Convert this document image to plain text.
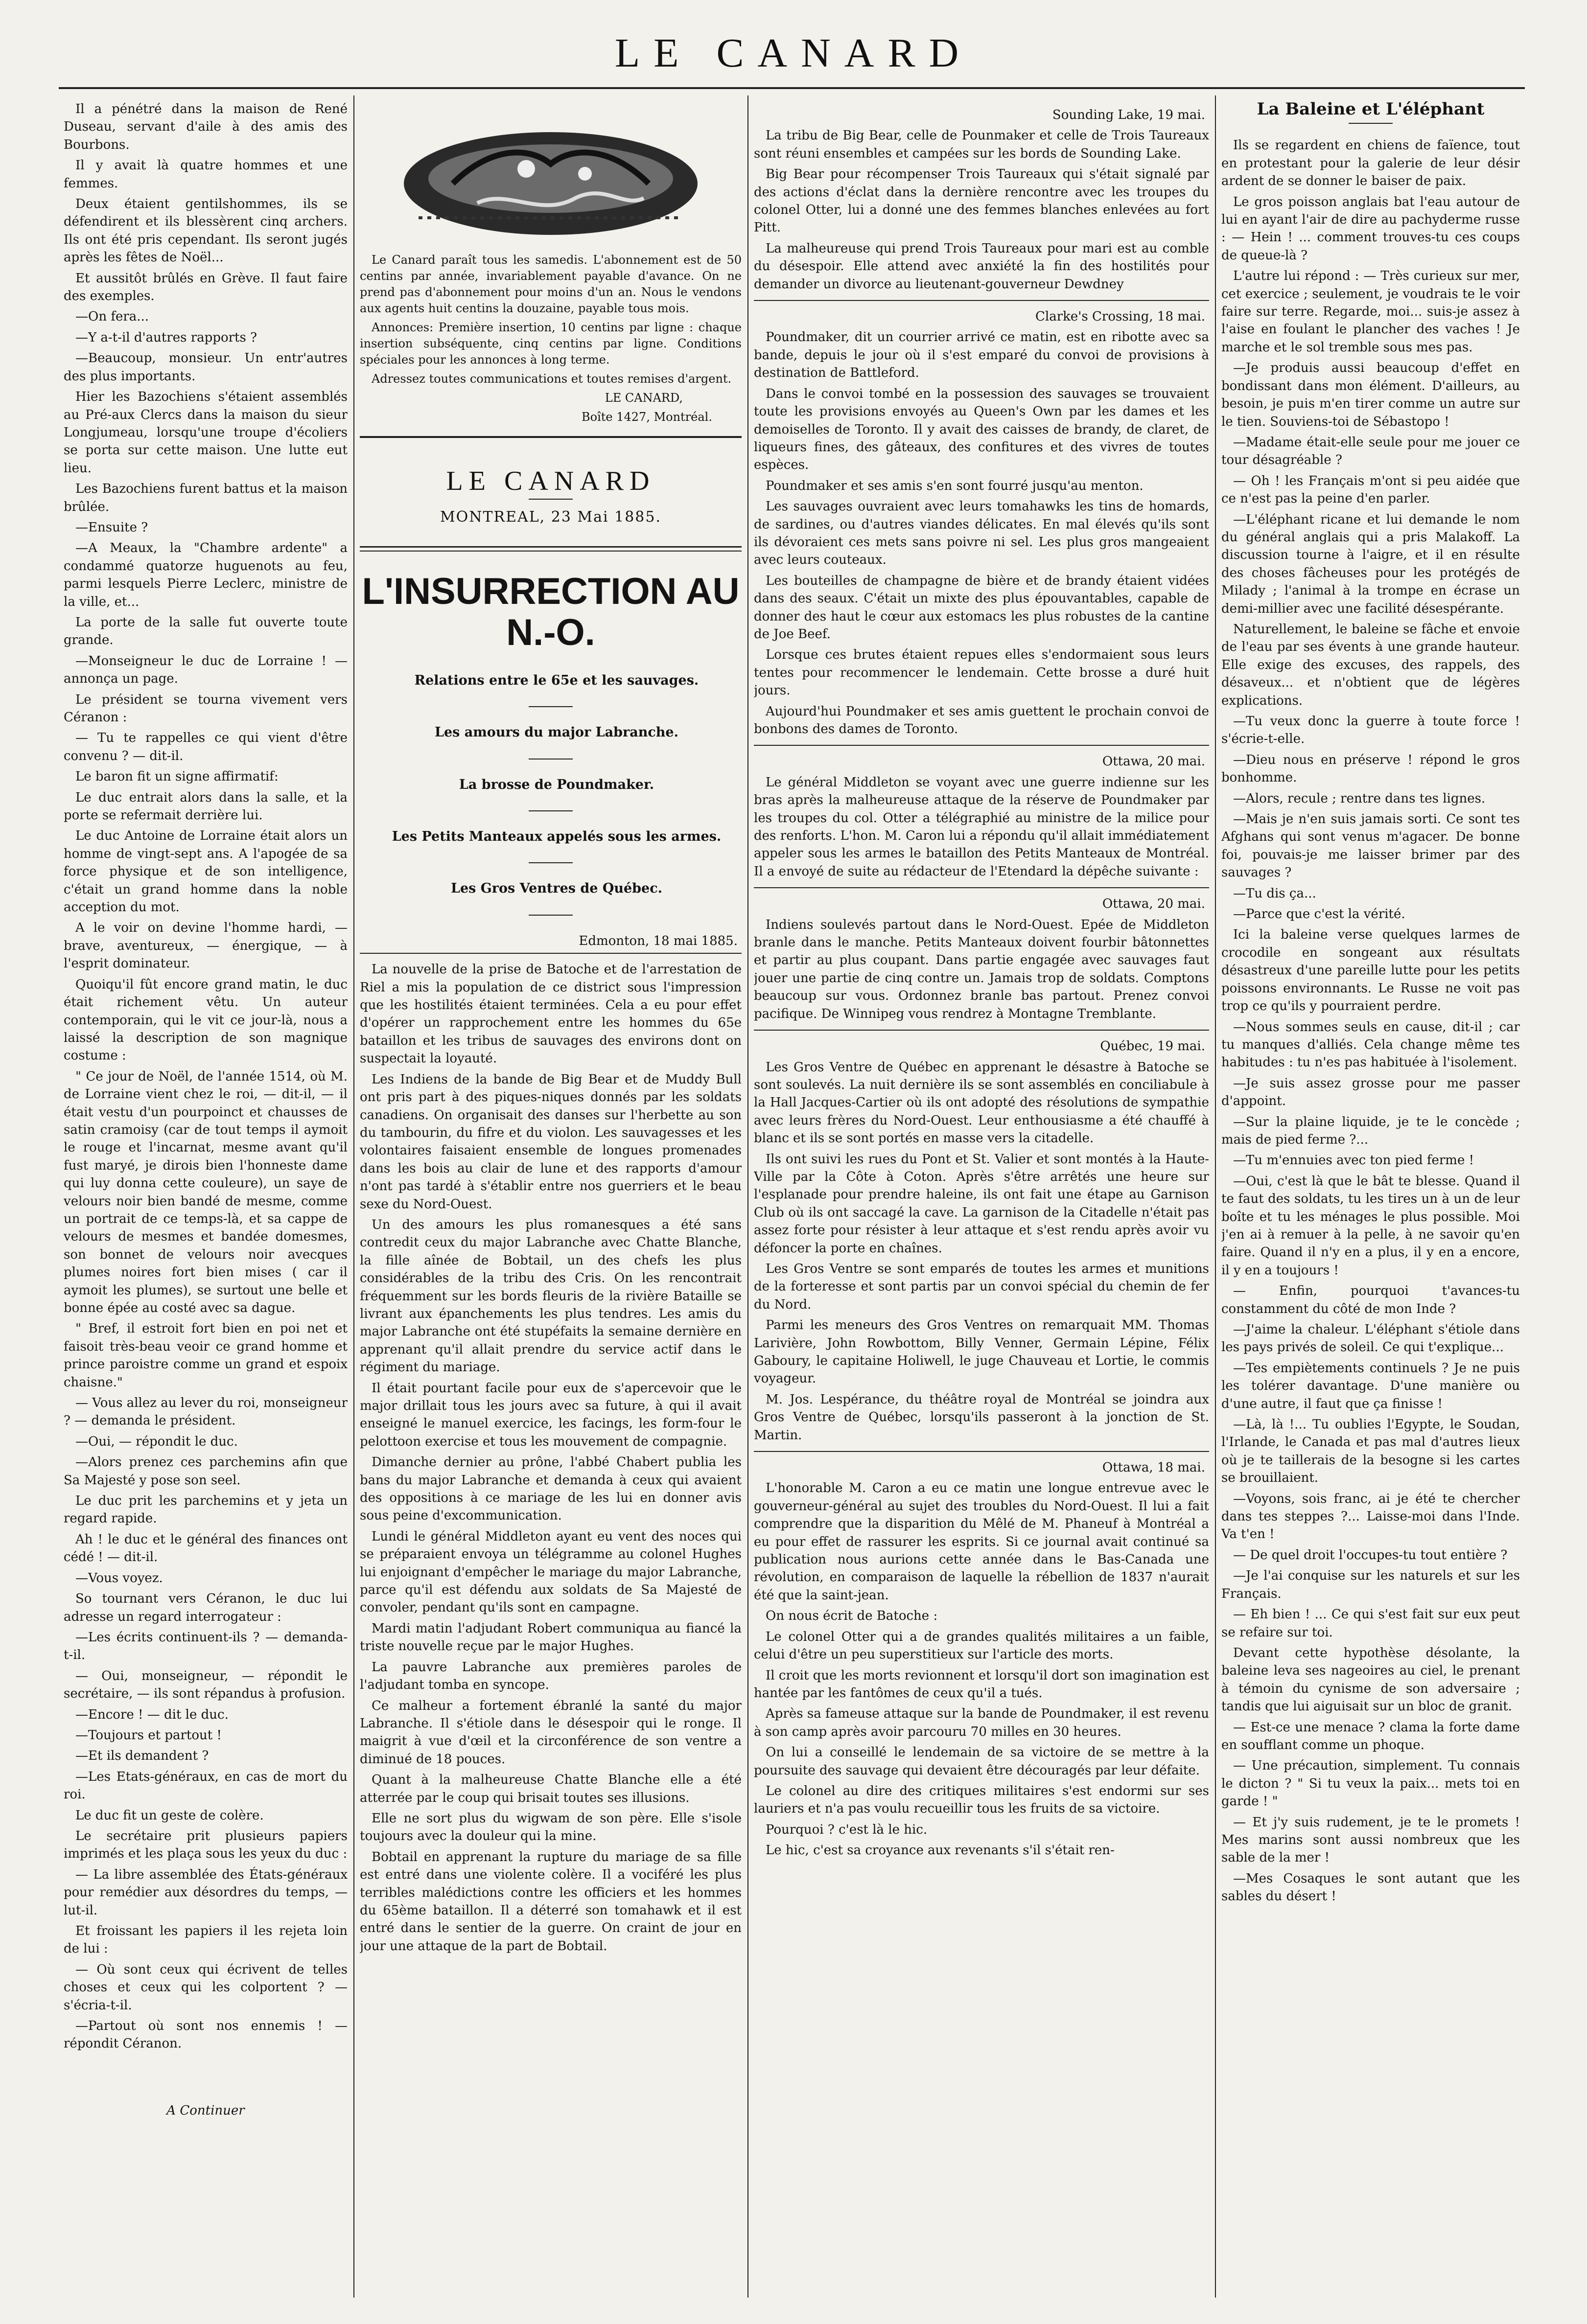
LE CANARD

Il a pénétré dans la maison de René Duseau, servant d'aile à des amis des Bourbons.

Il y avait là quatre hommes et une femmes.

Deux étaient gentilshommes, ils se défendirent et ils blessèrent cinq archers. Ils ont été pris cependant. Ils seront jugés après les fêtes de Noël...

Et aussitôt brûlés en Grève. Il faut faire des exemples.

—On fera...

—Y a-t-il d'autres rapports ?

—Beaucoup, monsieur. Un entr'autres des plus importants.

Hier les Bazochiens s'étaient assemblés au Pré-aux Clercs dans la maison du sieur Longjumeau, lorsqu'une troupe d'écoliers se porta sur cette maison. Une lutte eut lieu.

Les Bazochiens furent battus et la maison brûlée.

—Ensuite ?

—A Meaux, la "Chambre ardente" a condammé quatorze huguenots au feu, parmi lesquels Pierre Leclerc, ministre de la ville, et...

La porte de la salle fut ouverte toute grande.

—Monseigneur le duc de Lorraine ! — annonça un page.

Le président se tourna vivement vers Céranon :

— Tu te rappelles ce qui vient d'être convenu ? — dit-il.

Le baron fit un signe affirmatif:

Le duc entrait alors dans la salle, et la porte se refermait derrière lui.

Le duc Antoine de Lorraine était alors un homme de vingt-sept ans. A l'apogée de sa force physique et de son intelligence, c'était un grand homme dans la noble acception du mot.

A le voir on devine l'homme hardi, — brave, aventureux, — énergique, — à l'esprit dominateur.

Quoiqu'il fût encore grand matin, le duc était richement vêtu. Un auteur contemporain, qui le vit ce jour-là, nous a laissé la description de son magnique costume :

" Ce jour de Noël, de l'année 1514, où M. de Lorraine vient chez le roi, — dit-il, — il était vestu d'un pourpoinct et chausses de satin cramoisy (car de tout temps il aymoit le rouge et l'incarnat, mesme avant qu'il fust maryé, je dirois bien l'honneste dame qui luy donna cette couleure), un saye de velours noir bien bandé de mesme, comme un portrait de ce temps-là, et sa cappe de velours de mesmes et bandée domesmes, son bonnet de velours noir avecques plumes noires fort bien mises ( car il aymoit les plumes), se surtout une belle et bonne épée au costé avec sa dague.

" Bref, il estroit fort bien en poi net et faisoit très-beau veoir ce grand homme et prince paroistre comme un grand et espoix chaisne."

— Vous allez au lever du roi, monseigneur ? — demanda le président.

—Oui, — répondit le duc.

—Alors prenez ces parchemins afin que Sa Majesté y pose son seel.

Le duc prit les parchemins et y jeta un regard rapide.

Ah ! le duc et le général des finances ont cédé ! — dit-il.

—Vous voyez.

So tournant vers Céranon, le duc lui adresse un regard interrogateur :

—Les écrits continuent-ils ? — demanda-t-il.

— Oui, monseigneur, — répondit le secrétaire, — ils sont répandus à profusion.

—Encore ! — dit le duc.

—Toujours et partout !

—Et ils demandent ?

—Les Etats-généraux, en cas de mort du roi.

Le duc fit un geste de colère.

Le secrétaire prit plusieurs papiers imprimés et les plaça sous les yeux du duc :

— La libre assemblée des États-généraux pour remédier aux désordres du temps, — lut-il.

Et froissant les papiers il les rejeta loin de lui :

— Où sont ceux qui écrivent de telles choses et ceux qui les colportent ? — s'écria-t-il.

—Partout où sont nos ennemis ! — répondit Céranon.

A Continuer

Le Canard paraît tous les samedis. L'abonnement est de 50 centins par année, invariablement payable d'avance. On ne prend pas d'abonnement pour moins d'un an. Nous le vendons aux agents huit centins la douzaine, payable tous mois.

Annonces: Première insertion, 10 centins par ligne : chaque insertion subséquente, cinq centins par ligne. Conditions spéciales pour les annonces à long terme.

Adressez toutes communications et toutes remises d'argent.

LE CANARD,

Boîte 1427, Montréal.

LE CANARD
MONTREAL, 23 Mai 1885.
L'INSURRECTION AU N.-O.

Relations entre le 65e et les sauvages.

Les amours du major Labranche.

La brosse de Poundmaker.

Les Petits Manteaux appelés sous les armes.

Les Gros Ventres de Québec.

Edmonton, 18 mai 1885.

La nouvelle de la prise de Batoche et de l'arrestation de Riel a mis la population de ce district sous l'impression que les hostilités étaient terminées. Cela a eu pour effet d'opérer un rapprochement entre les hommes du 65e bataillon et les tribus de sauvages des environs dont on suspectait la loyauté.

Les Indiens de la bande de Big Bear et de Muddy Bull ont pris part à des piques-niques donnés par les soldats canadiens. On organisait des danses sur l'herbette au son du tambourin, du fifre et du violon. Les sauvagesses et les volontaires faisaient ensemble de longues promenades dans les bois au clair de lune et des rapports d'amour n'ont pas tardé à s'établir entre nos guerriers et le beau sexe du Nord-Ouest.

Un des amours les plus romanesques a été sans contredit ceux du major Labranche avec Chatte Blanche, la fille aînée de Bobtail, un des chefs les plus considérables de la tribu des Cris. On les rencontrait fréquemment sur les bords fleuris de la rivière Bataille se livrant aux épanchements les plus tendres. Les amis du major Labranche ont été stupéfaits la semaine dernière en apprenant qu'il allait prendre du service actif dans le régiment du mariage.

Il était pourtant facile pour eux de s'apercevoir que le major drillait tous les jours avec sa future, à qui il avait enseigné le manuel exercice, les facings, les form-four le pelottoon exercise et tous les mouvement de compagnie.

Dimanche dernier au prône, l'abbé Chabert publia les bans du major Labranche et demanda à ceux qui avaient des oppositions à ce mariage de les lui en donner avis sous peine d'excommunication.

Lundi le général Middleton ayant eu vent des noces qui se préparaient envoya un télégramme au colonel Hughes lui enjoignant d'empêcher le mariage du major Labranche, parce qu'il est défendu aux soldats de Sa Majesté de convoler, pendant qu'ils sont en campagne.

Mardi matin l'adjudant Robert communiqua au fiancé la triste nouvelle reçue par le major Hughes.

La pauvre Labranche aux premières paroles de l'adjudant tomba en syncope.

Ce malheur a fortement ébranlé la santé du major Labranche. Il s'étiole dans le désespoir qui le ronge. Il maigrit à vue d'œil et la circonférence de son ventre a diminué de 18 pouces.

Quant à la malheureuse Chatte Blanche elle a été atterrée par le coup qui brisait toutes ses illusions.

Elle ne sort plus du wigwam de son père. Elle s'isole toujours avec la douleur qui la mine.

Bobtail en apprenant la rupture du mariage de sa fille est entré dans une violente colère. Il a vociféré les plus terribles malédictions contre les officiers et les hommes du 65ème bataillon. Il a déterré son tomahawk et il est entré dans le sentier de la guerre. On craint de jour en jour une attaque de la part de Bobtail.

Sounding Lake, 19 mai.

La tribu de Big Bear, celle de Pounmaker et celle de Trois Taureaux sont réuni ensembles et campées sur les bords de Sounding Lake.

Big Bear pour récompenser Trois Taureaux qui s'était signalé par des actions d'éclat dans la dernière rencontre avec les troupes du colonel Otter, lui a donné une des femmes blanches enlevées au fort Pitt.

La malheureuse qui prend Trois Taureaux pour mari est au comble du désespoir. Elle attend avec anxiété la fin des hostilités pour demander un divorce au lieutenant-gouverneur Dewdney

Clarke's Crossing, 18 mai.

Poundmaker, dit un courrier arrivé ce matin, est en ribotte avec sa bande, depuis le jour où il s'est emparé du convoi de provisions à destination de Battleford.

Dans le convoi tombé en la possession des sauvages se trouvaient toute les provisions envoyés au Queen's Own par les dames et les demoiselles de Toronto. Il y avait des caisses de brandy, de claret, de liqueurs fines, des gâteaux, des confitures et des vivres de toutes espèces.

Poundmaker et ses amis s'en sont fourré jusqu'au menton.

Les sauvages ouvraient avec leurs tomahawks les tins de homards, de sardines, ou d'autres viandes délicates. En mal élevés qu'ils sont ils dévoraient ces mets sans poivre ni sel. Les plus gros mangeaient avec leurs couteaux.

Les bouteilles de champagne de bière et de brandy étaient vidées dans des seaux. C'était un mixte des plus épouvantables, capable de donner des haut le cœur aux estomacs les plus robustes de la cantine de Joe Beef.

Lorsque ces brutes étaient repues elles s'endormaient sous leurs tentes pour recommencer le lendemain. Cette brosse a duré huit jours.

Aujourd'hui Poundmaker et ses amis guettent le prochain convoi de bonbons des dames de Toronto.

Ottawa, 20 mai.

Le général Middleton se voyant avec une guerre indienne sur les bras après la malheureuse attaque de la réserve de Poundmaker par les troupes du col. Otter a télégraphié au ministre de la milice pour des renforts. L'hon. M. Caron lui a répondu qu'il allait immédiatement appeler sous les armes le bataillon des Petits Manteaux de Montréal. Il a envoyé de suite au rédacteur de l'Etendard la dépêche suivante :

Ottawa, 20 mai.

Indiens soulevés partout dans le Nord-Ouest. Epée de Middleton branle dans le manche. Petits Manteaux doivent fourbir bâtonnettes et partir au plus coupant. Dans partie engagée avec sauvages faut jouer une partie de cinq contre un. Jamais trop de soldats. Comptons beaucoup sur vous. Ordonnez branle bas partout. Prenez convoi pacifique. De Winnipeg vous rendrez à Montagne Tremblante.

Québec, 19 mai.

Les Gros Ventre de Québec en apprenant le désastre à Batoche se sont soulevés. La nuit dernière ils se sont assemblés en conciliabule à la Hall Jacques-Cartier où ils ont adopté des résolutions de sympathie avec leurs frères du Nord-Ouest. Leur enthousiasme a été chauffé à blanc et ils se sont portés en masse vers la citadelle.

Ils ont suivi les rues du Pont et St. Valier et sont montés à la Haute-Ville par la Côte à Coton. Après s'être arrêtés une heure sur l'esplanade pour prendre haleine, ils ont fait une étape au Garnison Club où ils ont saccagé la cave. La garnison de la Citadelle n'était pas assez forte pour résister à leur attaque et s'est rendu après avoir vu défoncer la porte en chaînes.

Les Gros Ventre se sont emparés de toutes les armes et munitions de la forteresse et sont partis par un convoi spécial du chemin de fer du Nord.

Parmi les meneurs des Gros Ventres on remarquait MM. Thomas Larivière, John Rowbottom, Billy Venner, Germain Lépine, Félix Gaboury, le capitaine Holiwell, le juge Chauveau et Lortie, le commis voyageur.

M. Jos. Lespérance, du théâtre royal de Montréal se joindra aux Gros Ventre de Québec, lorsqu'ils passeront à la jonction de St. Martin.

Ottawa, 18 mai.

L'honorable M. Caron a eu ce matin une longue entrevue avec le gouverneur-général au sujet des troubles du Nord-Ouest. Il lui a fait comprendre que la disparition du Mêlé de M. Phaneuf à Montréal a eu pour effet de rassurer les esprits. Si ce journal avait continué sa publication nous aurions cette année dans le Bas-Canada une révolution, en comparaison de laquelle la rébellion de 1837 n'aurait été que la saint-jean.

On nous écrit de Batoche :

Le colonel Otter qui a de grandes qualités militaires a un faible, celui d'être un peu superstitieux sur l'article des morts.

Il croit que les morts revionnent et lorsqu'il dort son imagination est hantée par les fantômes de ceux qu'il a tués.

Après sa fameuse attaque sur la bande de Poundmaker, il est revenu à son camp après avoir parcouru 70 milles en 30 heures.

On lui a conseillé le lendemain de sa victoire de se mettre à la poursuite des sauvage qui devaient être découragés par leur défaite.

Le colonel au dire des critiques militaires s'est endormi sur ses lauriers et n'a pas voulu recueillir tous les fruits de sa victoire.

Pourquoi ? c'est là le hic.

Le hic, c'est sa croyance aux revenants s'il s'était ren-

La Baleine et L'éléphant

Ils se regardent en chiens de faïence, tout en protestant pour la galerie de leur désir ardent de se donner le baiser de paix.

Le gros poisson anglais bat l'eau autour de lui en ayant l'air de dire au pachyderme russe : — Hein ! ... comment trouves-tu ces coups de queue-là ?

L'autre lui répond : — Très curieux sur mer, cet exercice ; seulement, je voudrais te le voir faire sur terre. Regarde, moi... suis-je assez à l'aise en foulant le plancher des vaches ! Je marche et le sol tremble sous mes pas.

—Je produis aussi beaucoup d'effet en bondissant dans mon élément. D'ailleurs, au besoin, je puis m'en tirer comme un autre sur le tien. Souviens-toi de Sébastopo !

—Madame était-elle seule pour me jouer ce tour désagréable ?

— Oh ! les Français m'ont si peu aidée que ce n'est pas la peine d'en parler.

—L'éléphant ricane et lui demande le nom du général anglais qui a pris Malakoff. La discussion tourne à l'aigre, et il en résulte des choses fâcheuses pour les protégés de Milady ; l'animal à la trompe en écrase un demi-millier avec une facilité désespérante.

Naturellement, le baleine se fâche et envoie de l'eau par ses évents à une grande hauteur. Elle exige des excuses, des rappels, des désaveux... et n'obtient que de légères explications.

—Tu veux donc la guerre à toute force ! s'écrie-t-elle.

—Dieu nous en préserve ! répond le gros bonhomme.

—Alors, recule ; rentre dans tes lignes.

—Mais je n'en suis jamais sorti. Ce sont tes Afghans qui sont venus m'agacer. De bonne foi, pouvais-je me laisser brimer par des sauvages ?

—Tu dis ça...

—Parce que c'est la vérité.

Ici la baleine verse quelques larmes de crocodile en songeant aux résultats désastreux d'une pareille lutte pour les petits poissons environnants. Le Russe ne voit pas trop ce qu'ils y pourraient perdre.

—Nous sommes seuls en cause, dit-il ; car tu manques d'alliés. Cela change même tes habitudes : tu n'es pas habituée à l'isolement.

—Je suis assez grosse pour me passer d'appoint.

—Sur la plaine liquide, je te le concède ; mais de pied ferme ?...

—Tu m'ennuies avec ton pied ferme !

—Oui, c'est là que le bât te blesse. Quand il te faut des soldats, tu les tires un à un de leur boîte et tu les ménages le plus possible. Moi j'en ai à remuer à la pelle, à ne savoir qu'en faire. Quand il n'y en a plus, il y en a encore, il y en a toujours !

— Enfin, pourquoi t'avances-tu constamment du côté de mon Inde ?

—J'aime la chaleur. L'éléphant s'étiole dans les pays privés de soleil. Ce qui t'explique...

—Tes empiètements continuels ? Je ne puis les tolérer davantage. D'une manière ou d'une autre, il faut que ça finisse !

—Là, là !... Tu oublies l'Egypte, le Soudan, l'Irlande, le Canada et pas mal d'autres lieux où je te taillerais de la besogne si les cartes se brouillaient.

—Voyons, sois franc, ai je été te chercher dans tes steppes ?... Laisse-moi dans l'Inde. Va t'en !

— De quel droit l'occupes-tu tout entière ?

—Je l'ai conquise sur les naturels et sur les Français.

— Eh bien ! ... Ce qui s'est fait sur eux peut se refaire sur toi.

Devant cette hypothèse désolante, la baleine leva ses nageoires au ciel, le prenant à témoin du cynisme de son adversaire ; tandis que lui aiguisait sur un bloc de granit.

— Est-ce une menace ? clama la forte dame en soufflant comme un phoque.

— Une précaution, simplement. Tu connais le dicton ? " Si tu veux la paix... mets toi en garde ! "

— Et j'y suis rudement, je te le promets ! Mes marins sont aussi nombreux que les sable de la mer !

—Mes Cosaques le sont autant que les sables du désert !
